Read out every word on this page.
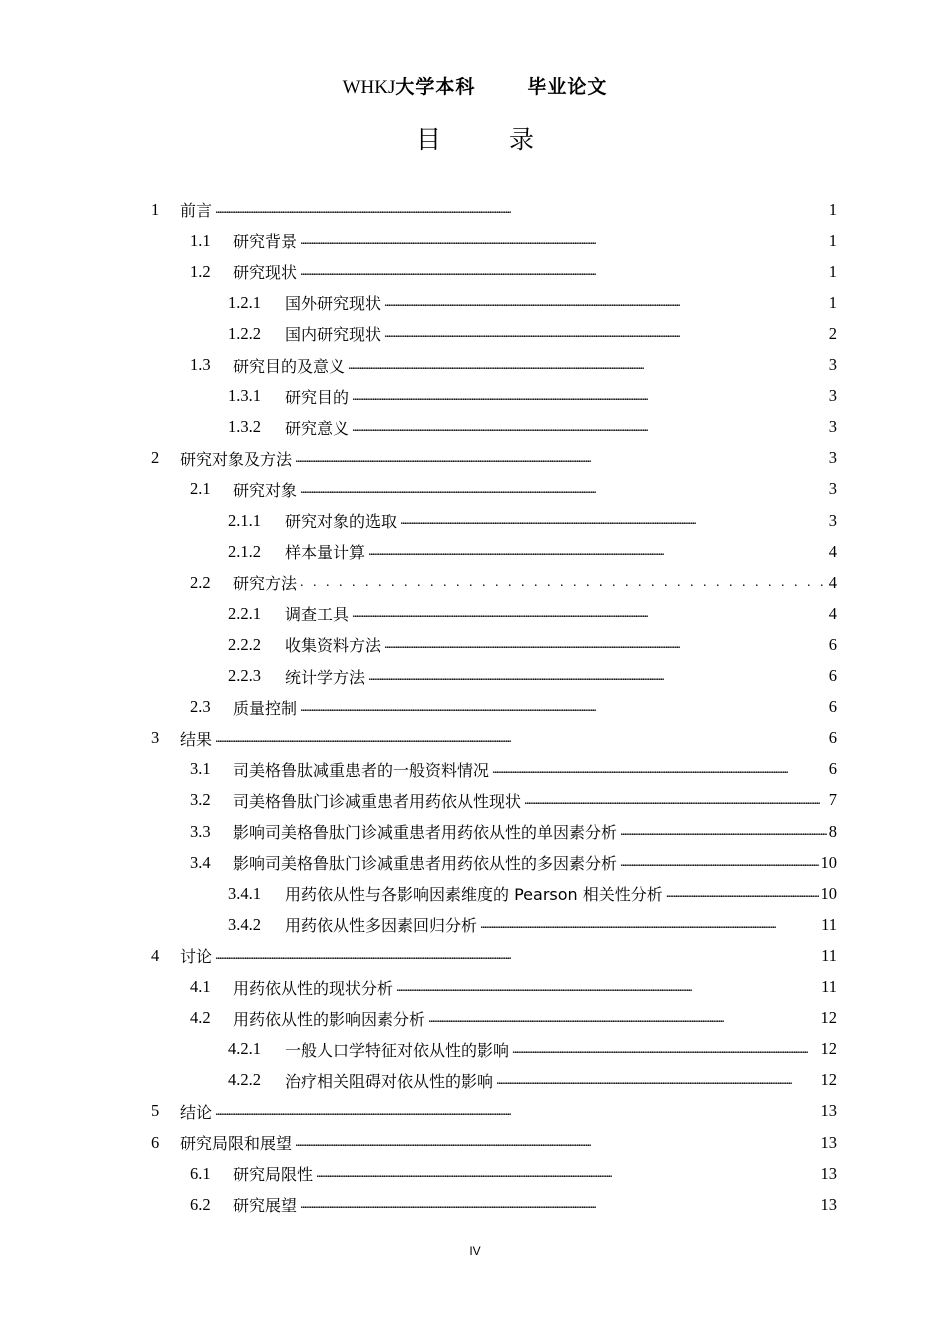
WHKJ大学本科	毕业论文
目 录
1	前言 . . .	1
1.1	研究背景 . . .	1
1.2	研究现状 . . .	1
1.2.1	国外研究现状 . . .	1
1.2.2	国内研究现状 . . .	2
1.3	研究目的及意义 . . .	3
1.3.1	研究目的 . . .	3
1.3.2	研究意义 . . .	3
2	研究对象及方法 . . .	3
2.1	研究对象 . . .	3
2.1.1	研究对象的选取 . . .	3
2.1.2	样本量计算 . . .	4
2.2	研究方法 . . .	4
2.2.1	调查工具 . . .	4
2.2.2	收集资料方法 . . .	6
2.2.3	统计学方法 . . .	6
2.3	质量控制 . . .	6
3	结果 . . .	6
3.1	司美格鲁肽减重患者的一般资料情况 . . .	6
3.2	司美格鲁肽门诊减重患者用药依从性现状 . . .	7
3.3	影响司美格鲁肽门诊减重患者用药依从性的单因素分析 . . .	8
3.4	影响司美格鲁肽门诊减重患者用药依从性的多因素分析 . . .	10
3.4.1	用药依从性与各影响因素维度的 Pearson 相关性分析 . . .	10
3.4.2	用药依从性多因素回归分析 . . .	11
4	讨论 . . .	11
4.1	用药依从性的现状分析 . . .	11
4.2	用药依从性的影响因素分析 . . .	12
4.2.1	一般人口学特征对依从性的影响 . . .	12
4.2.2	治疗相关阻碍对依从性的影响 . . .	12
5	结论 . . .	13
6	研究局限和展望 . . .	13
6.1	研究局限性 . . .	13
6.2	研究展望 . . .	13
IV
